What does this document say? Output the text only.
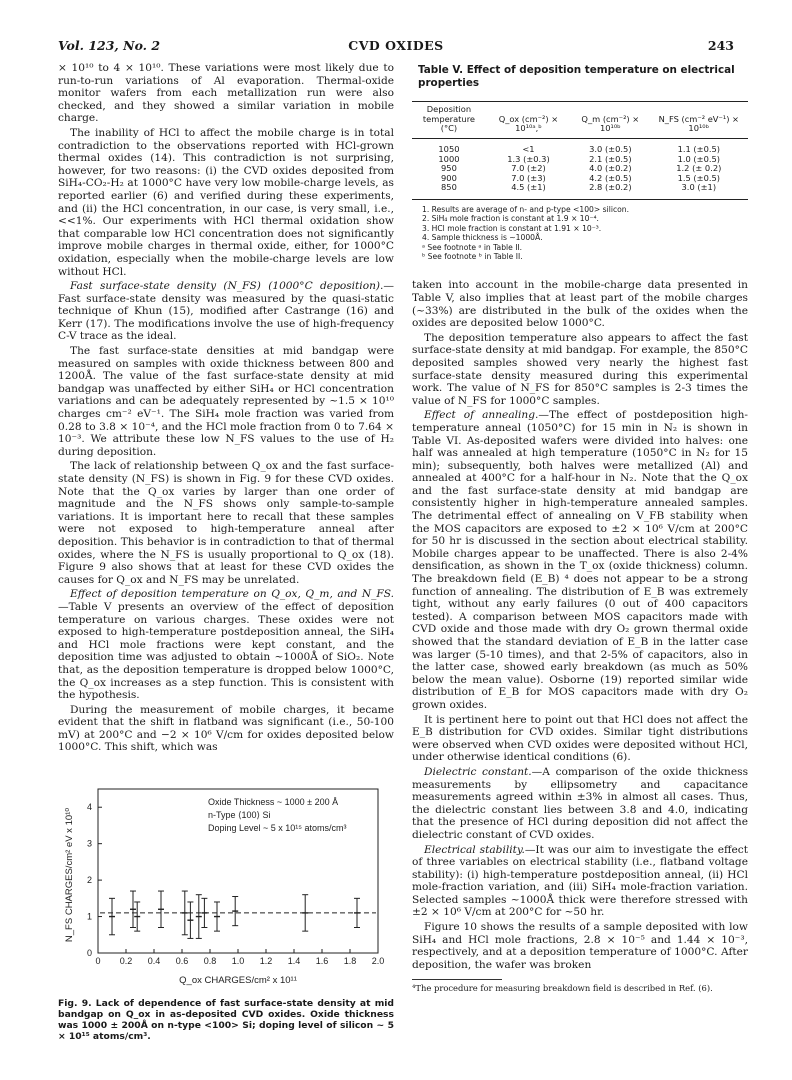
Vol. 123, No. 2	CVD OXIDES	243

× 10¹⁰ to 4 × 10¹⁰. These variations were most likely due to run-to-run variations of Al evaporation. Thermal-oxide monitor wafers from each metallization run were also checked, and they showed a similar variation in mobile charge.

The inability of HCl to affect the mobile charge is in total contradiction to the observations reported with HCl-grown thermal oxides (14). This contradiction is not surprising, however, for two reasons: (i) the CVD oxides deposited from SiH₄-CO₂-H₂ at 1000°C have very low mobile-charge levels, as reported earlier (6) and verified during these experiments, and (ii) the HCl concentration, in our case, is very small, i.e., <<1%. Our experiments with HCl thermal oxidation show that comparable low HCl concentration does not significantly improve mobile charges in thermal oxide, either, for 1000°C oxidation, especially when the mobile-charge levels are low without HCl.

Fast surface-state density (N_FS) (1000°C deposition).—Fast surface-state density was measured by the quasi-static technique of Khun (15), modified after Castrange (16) and Kerr (17). The modifications involve the use of high-frequency C-V trace as the ideal.

The fast surface-state densities at mid bandgap were measured on samples with oxide thickness between 800 and 1200Å. The value of the fast surface-state density at mid bandgap was unaffected by either SiH₄ or HCl concentration variations and can be adequately represented by ~1.5 × 10¹⁰ charges cm⁻² eV⁻¹. The SiH₄ mole fraction was varied from 0.28 to 3.8 × 10⁻⁴, and the HCl mole fraction from 0 to 7.64 × 10⁻³. We attribute these low N_FS values to the use of H₂ during deposition.

The lack of relationship between Q_ox and the fast surface-state density (N_FS) is shown in Fig. 9 for these CVD oxides. Note that the Q_ox varies by larger than one order of magnitude and the N_FS shows only sample-to-sample variations. It is important here to recall that these samples were not exposed to high-temperature anneal after deposition. This behavior is in contradiction to that of thermal oxides, where the N_FS is usually proportional to Q_ox (18). Figure 9 also shows that at least for these CVD oxides the causes for Q_ox and N_FS may be unrelated.

Effect of deposition temperature on Q_ox, Q_m, and N_FS.—Table V presents an overview of the effect of deposition temperature on various charges. These oxides were not exposed to high-temperature postdeposition anneal, the SiH₄ and HCl mole fractions were kept constant, and the deposition time was adjusted to obtain ~1000Å of SiO₂. Note that, as the deposition temperature is dropped below 1000°C, the Q_ox increases as a step function. This is consistent with the hypothesis.

During the measurement of mobile charges, it became evident that the shift in flatband was significant (i.e., 50-100 mV) at 200°C and −2 × 10⁶ V/cm for oxides deposited below 1000°C. This shift, which was

N_FS CHARGES/cm² eV x 10¹⁰
Q_ox CHARGES/cm² x 10¹¹
Oxide Thickness ~ 1000 ± 200 Å
n-Type ⟨100⟩ Si
Doping Level ~ 5 x 10¹⁵ atoms/cm³
0 0.2 0.4 0.6 0.8 1.0 1.2 1.4 1.6 1.8 2.0
0
1
2
3
4
Fig. 9. Lack of dependence of fast surface-state density at mid bandgap on Q_ox in as-deposited CVD oxides. Oxide thickness was 1000 ± 200Å on n-type <100> Si; doping level of silicon ~ 5 × 10¹⁵ atoms/cm³.
Table V. Effect of deposition temperature on electrical properties
Deposition temperature (°C)	Q_ox (cm⁻²) × 10¹⁰ᵃ,ᵇ	Q_m (cm⁻²) × 10¹⁰ᵇ	N_FS (cm⁻² eV⁻¹) × 10¹⁰ᵇ
1050	<1	3.0 (±0.5)	1.1 (±0.5)
1000	1.3 (±0.3)	2.1 (±0.5)	1.0 (±0.5)
950	7.0 (±2)	4.0 (±0.2)	1.2 (± 0.2)
900	7.0 (±3)	4.2 (±0.5)	1.5 (±0.5)
850	4.5 (±1)	2.8 (±0.2)	3.0 (±1)
1. Results are average of n- and p-type <100> silicon.
2. SiH₄ mole fraction is constant at 1.9 × 10⁻⁴.
3. HCl mole fraction is constant at 1.91 × 10⁻³.
4. Sample thickness is ~1000Å.
ᵃ See footnote ᵃ in Table II.
ᵇ See footnote ᵇ in Table II.

taken into account in the mobile-charge data presented in Table V, also implies that at least part of the mobile charges (~33%) are distributed in the bulk of the oxides when the oxides are deposited below 1000°C.

The deposition temperature also appears to affect the fast surface-state density at mid bandgap. For example, the 850°C deposited samples showed very nearly the highest fast surface-state density measured during this experimental work. The value of N_FS for 850°C samples is 2-3 times the value of N_FS for 1000°C samples.

Effect of annealing.—The effect of postdeposition high-temperature anneal (1050°C) for 15 min in N₂ is shown in Table VI. As-deposited wafers were divided into halves: one half was annealed at high temperature (1050°C in N₂ for 15 min); subsequently, both halves were metallized (Al) and annealed at 400°C for a half-hour in N₂. Note that the Q_ox and the fast surface-state density at mid bandgap are consistently higher in high-temperature annealed samples. The detrimental effect of annealing on V_FB stability when the MOS capacitors are exposed to ±2 × 10⁶ V/cm at 200°C for 50 hr is discussed in the section about electrical stability. Mobile charges appear to be unaffected. There is also 2-4% densification, as shown in the T_ox (oxide thickness) column. The breakdown field (E_B) ⁴ does not appear to be a strong function of annealing. The distribution of E_B was extremely tight, without any early failures (0 out of 400 capacitors tested). A comparison between MOS capacitors made with CVD oxide and those made with dry O₂ grown thermal oxide showed that the standard deviation of E_B in the latter case was larger (5-10 times), and that 2-5% of capacitors, also in the latter case, showed early breakdown (as much as 50% below the mean value). Osborne (19) reported similar wide distribution of E_B for MOS capacitors made with dry O₂ grown oxides.

It is pertinent here to point out that HCl does not affect the E_B distribution for CVD oxides. Similar tight distributions were observed when CVD oxides were deposited without HCl, under otherwise identical conditions (6).

Dielectric constant.—A comparison of the oxide thickness measurements by ellipsometry and capacitance measurements agreed within ±3% in almost all cases. Thus, the dielectric constant lies between 3.8 and 4.0, indicating that the presence of HCl during deposition did not affect the dielectric constant of CVD oxides.

Electrical stability.—It was our aim to investigate the effect of three variables on electrical stability (i.e., flatband voltage stability): (i) high-temperature postdeposition anneal, (ii) HCl mole-fraction variation, and (iii) SiH₄ mole-fraction variation. Selected samples ~1000Å thick were therefore stressed with ±2 × 10⁶ V/cm at 200°C for ~50 hr.

Figure 10 shows the results of a sample deposited with low SiH₄ and HCl mole fractions, 2.8 × 10⁻⁵ and 1.44 × 10⁻³, respectively, and at a deposition temperature of 1000°C. After deposition, the wafer was broken

⁴The procedure for measuring breakdown field is described in Ref. (6).
